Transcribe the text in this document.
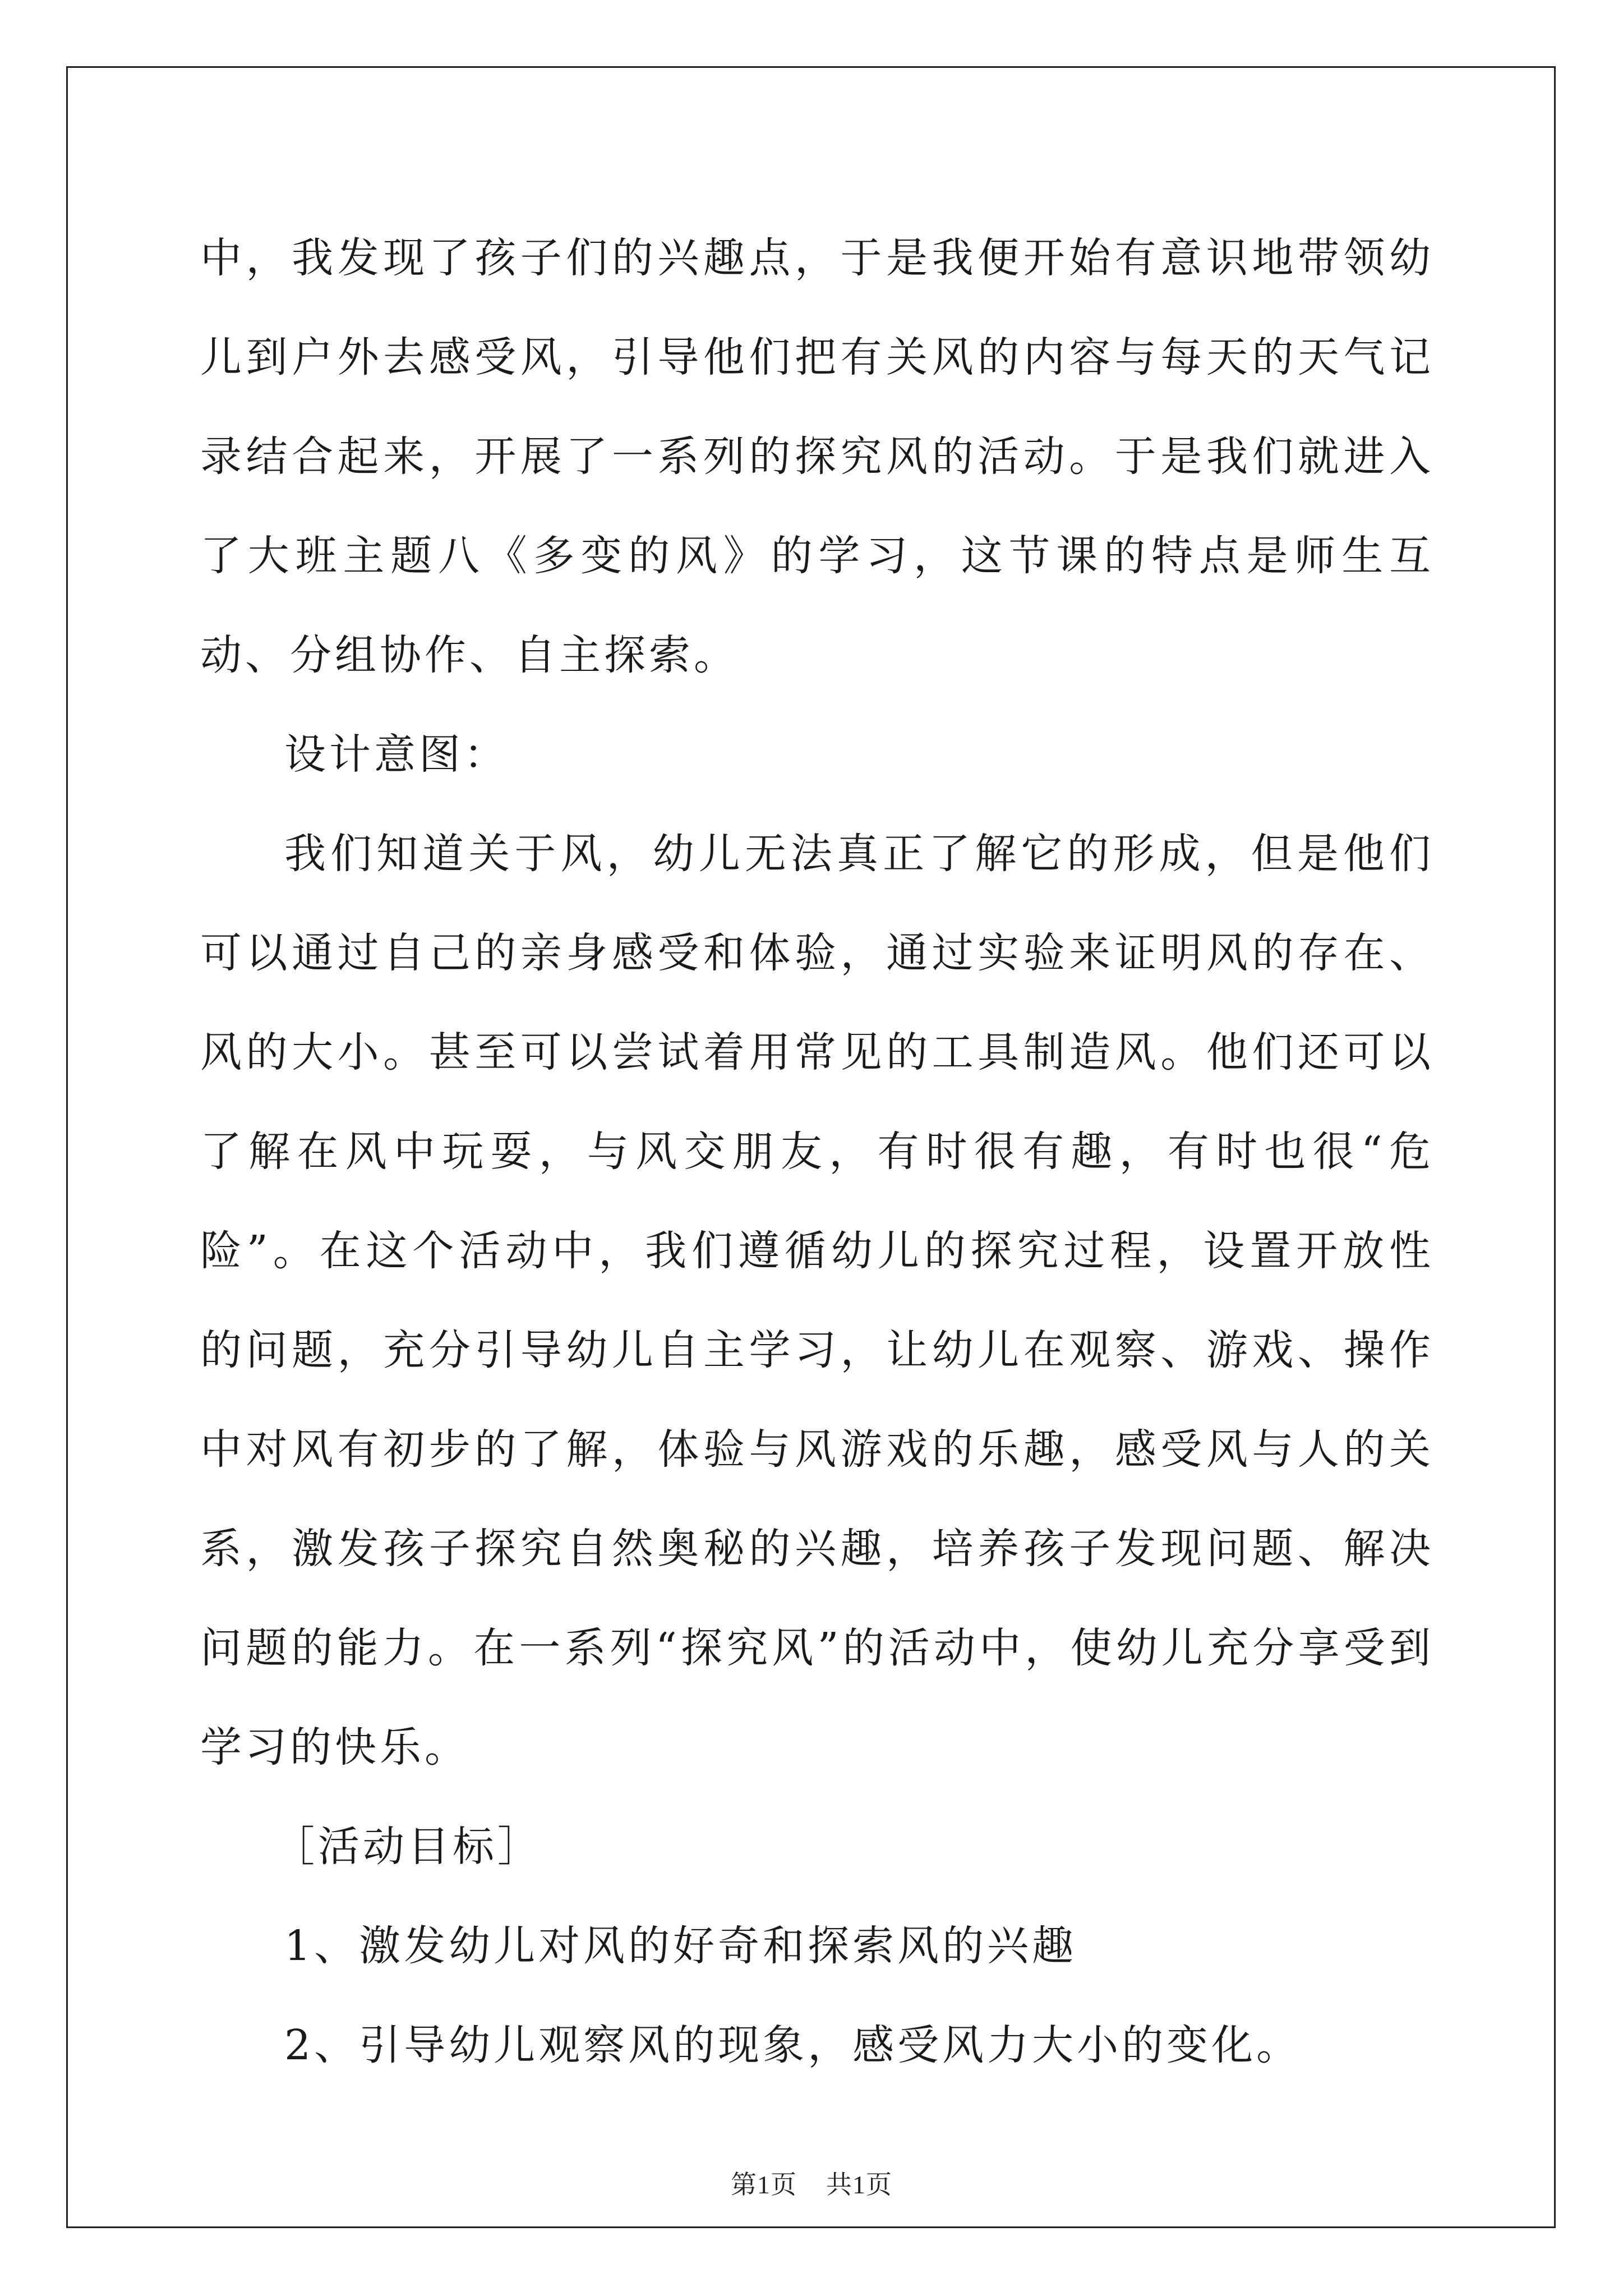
中，我发现了孩子们的兴趣点，于是我便开始有意识地带领幼儿到户外去感受风，引导他们把有关风的内容与每天的天气记录结合起来，开展了一系列的探究风的活动。于是我们就进入了大班主题八《多变的风》的学习，这节课的特点是师生互动、分组协作、自主探索。

设计意图：

我们知道关于风，幼儿无法真正了解它的形成，但是他们可以通过自己的亲身感受和体验，通过实验来证明风的存在、风的大小。甚至可以尝试着用常见的工具制造风。他们还可以了解在风中玩耍，与风交朋友，有时很有趣，有时也很“危险”。在这个活动中，我们遵循幼儿的探究过程，设置开放性的问题，充分引导幼儿自主学习，让幼儿在观察、游戏、操作中对风有初步的了解，体验与风游戏的乐趣，感受风与人的关系，激发孩子探究自然奥秘的兴趣，培养孩子发现问题、解决问题的能力。在一系列“探究风”的活动中，使幼儿充分享受到学习的快乐。

［活动目标］

1、激发幼儿对风的好奇和探索风的兴趣

2、引导幼儿观察风的现象，感受风力大小的变化。

第1页 共1页
